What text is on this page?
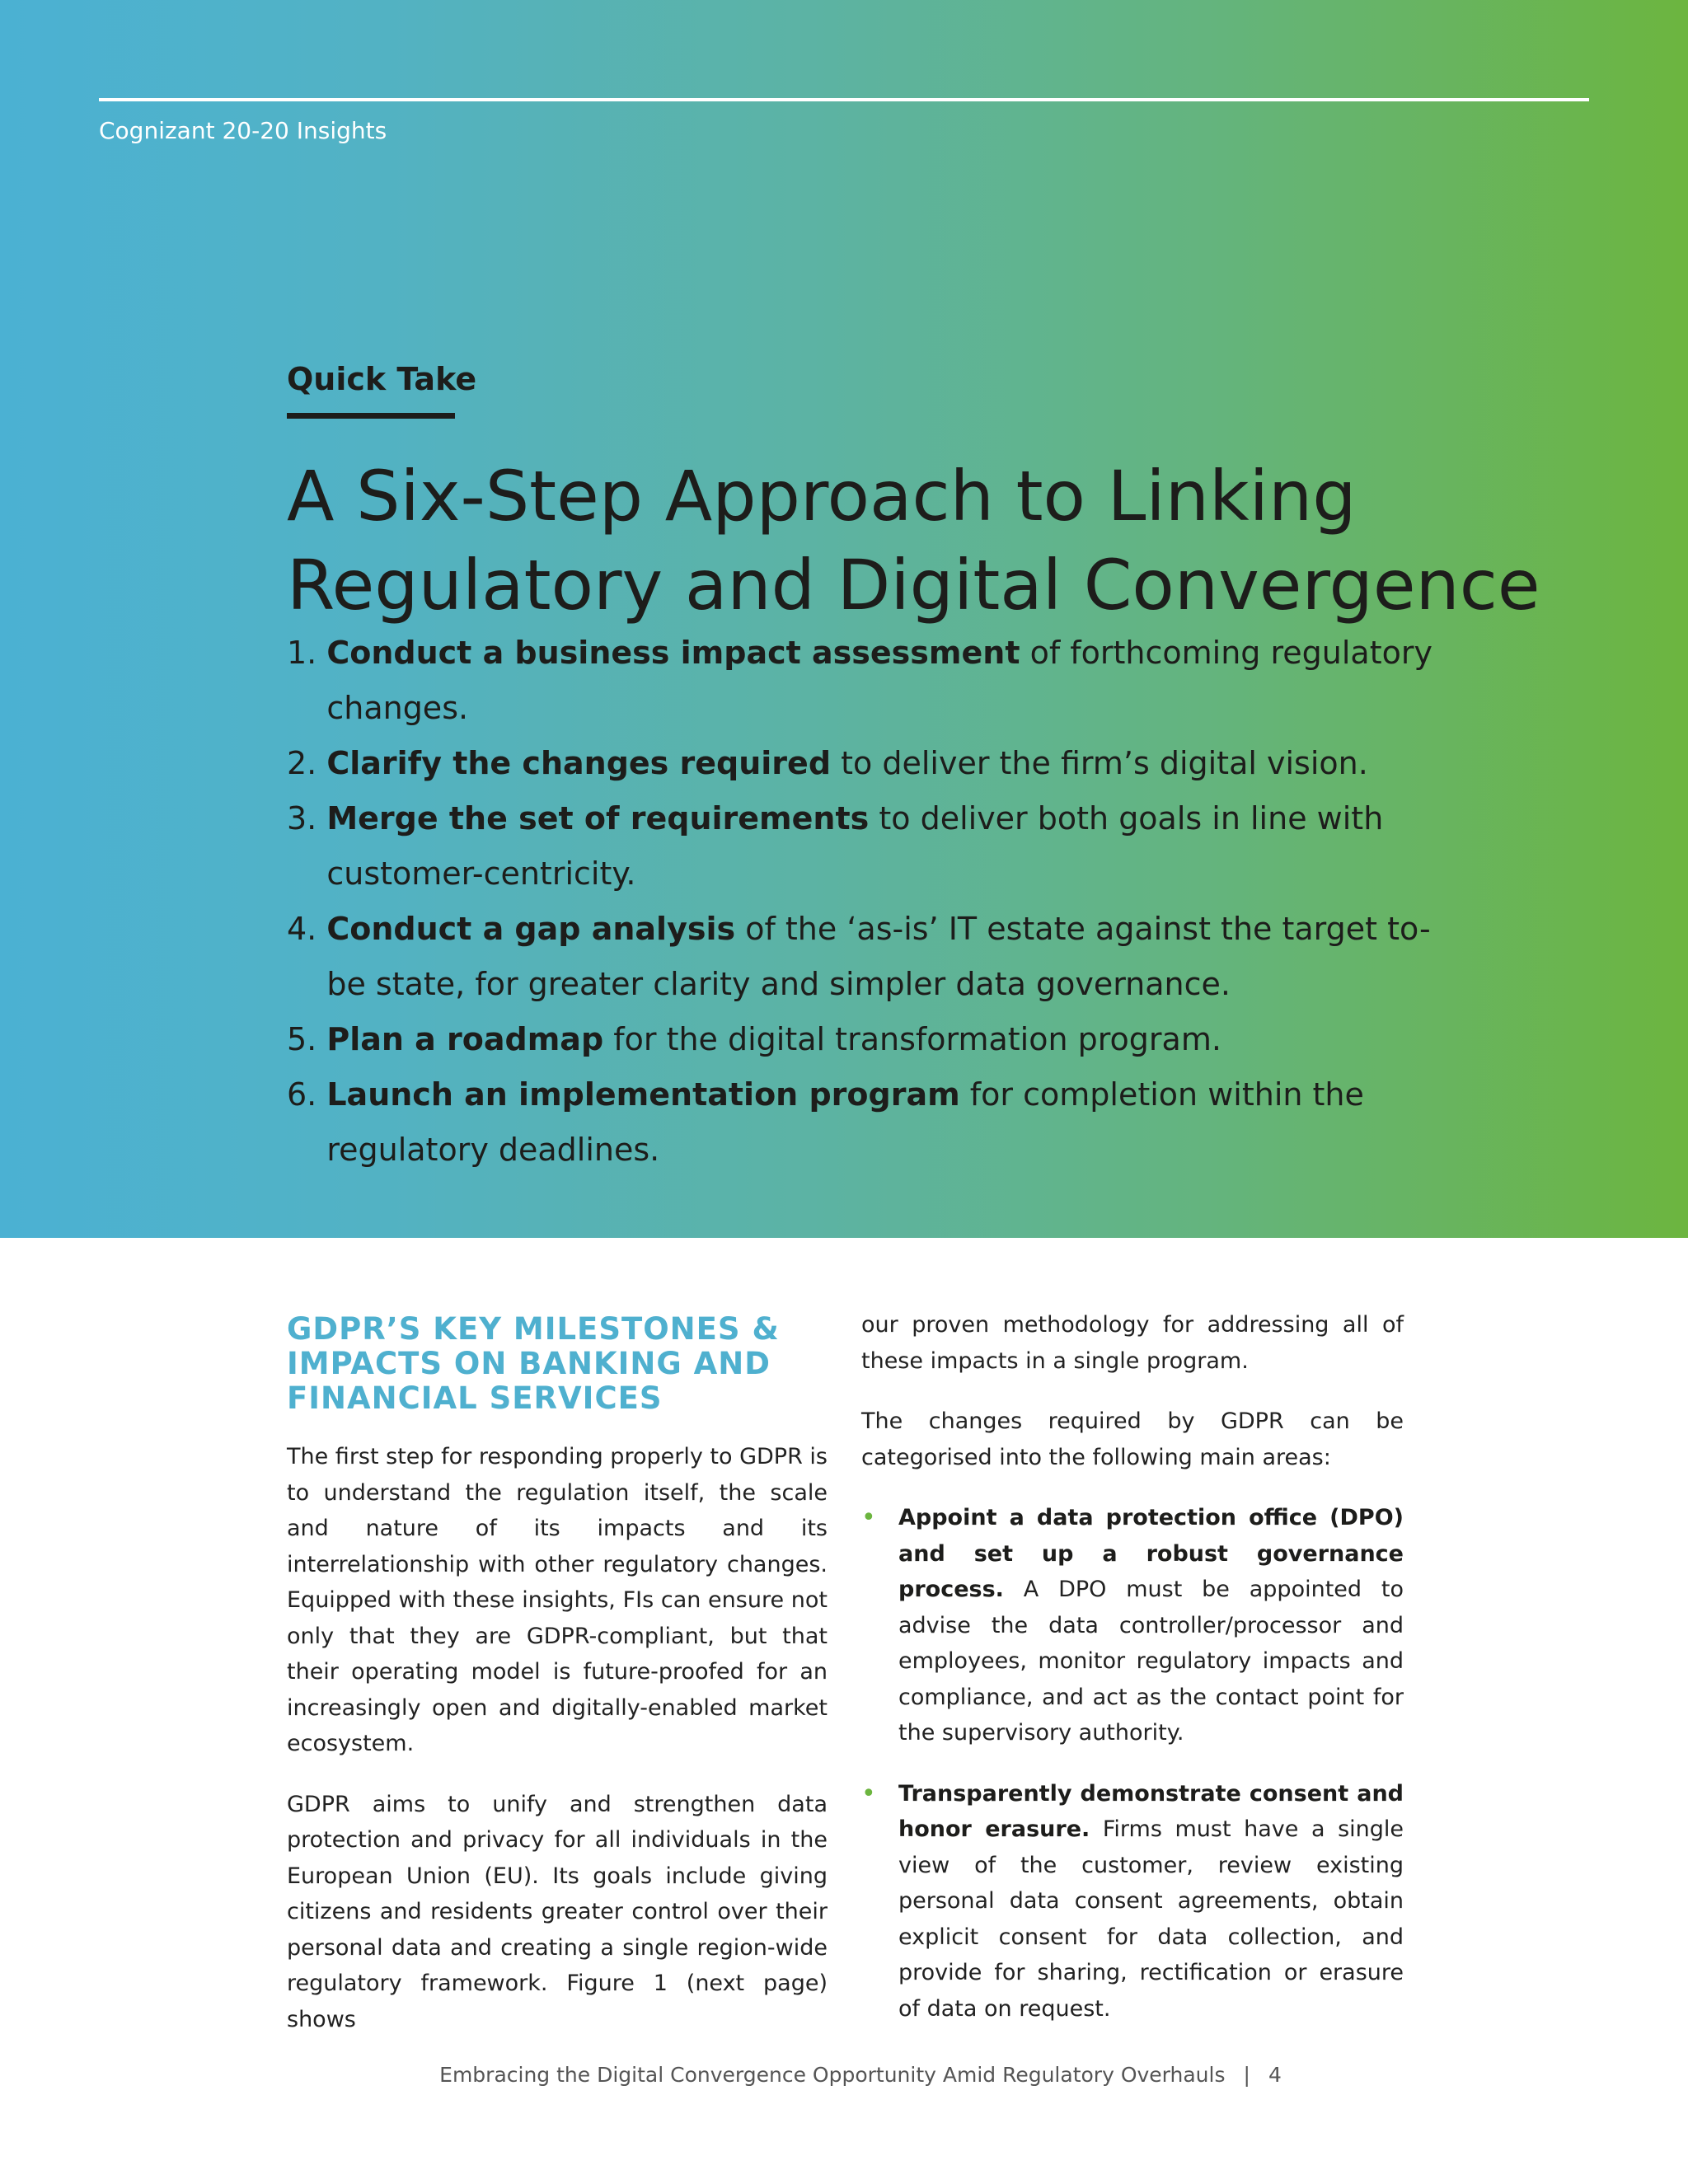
Cognizant 20-20 Insights
Quick Take
A Six-Step Approach to Linking
Regulatory and Digital Convergence
1. Conduct a business impact assessment of forthcoming regulatory changes.
2. Clarify the changes required to deliver the firm’s digital vision.
3. Merge the set of requirements to deliver both goals in line with customer-centricity.
4. Conduct a gap analysis of the ‘as-is’ IT estate against the target to-be state, for greater clarity and simpler data governance.
5. Plan a roadmap for the digital transformation program.
6. Launch an implementation program for completion within the regulatory deadlines.
GDPR’S KEY MILESTONES & IMPACTS ON BANKING AND FINANCIAL SERVICES

The first step for responding properly to GDPR is to understand the regulation itself, the scale and nature of its impacts and its interrelationship with other regulatory changes. Equipped with these insights, FIs can ensure not only that they are GDPR-compliant, but that their operating model is future-proofed for an increasingly open and digitally-enabled market ecosystem.

GDPR aims to unify and strengthen data protection and privacy for all individuals in the European Union (EU). Its goals include giving citizens and residents greater control over their personal data and creating a single region-wide regulatory framework. Figure 1 (next page) shows

our proven methodology for addressing all of these impacts in a single program.

The changes required by GDPR can be categorised into the following main areas:

• Appoint a data protection office (DPO) and set up a robust governance process. A DPO must be appointed to advise the data controller/processor and employees, monitor regulatory impacts and compliance, and act as the contact point for the supervisory authority.
• Transparently demonstrate consent and honor erasure. Firms must have a single view of the customer, review existing personal data consent agreements, obtain explicit consent for data collection, and provide for sharing, rectification or erasure of data on request.
Embracing the Digital Convergence Opportunity Amid Regulatory Overhauls | 4
